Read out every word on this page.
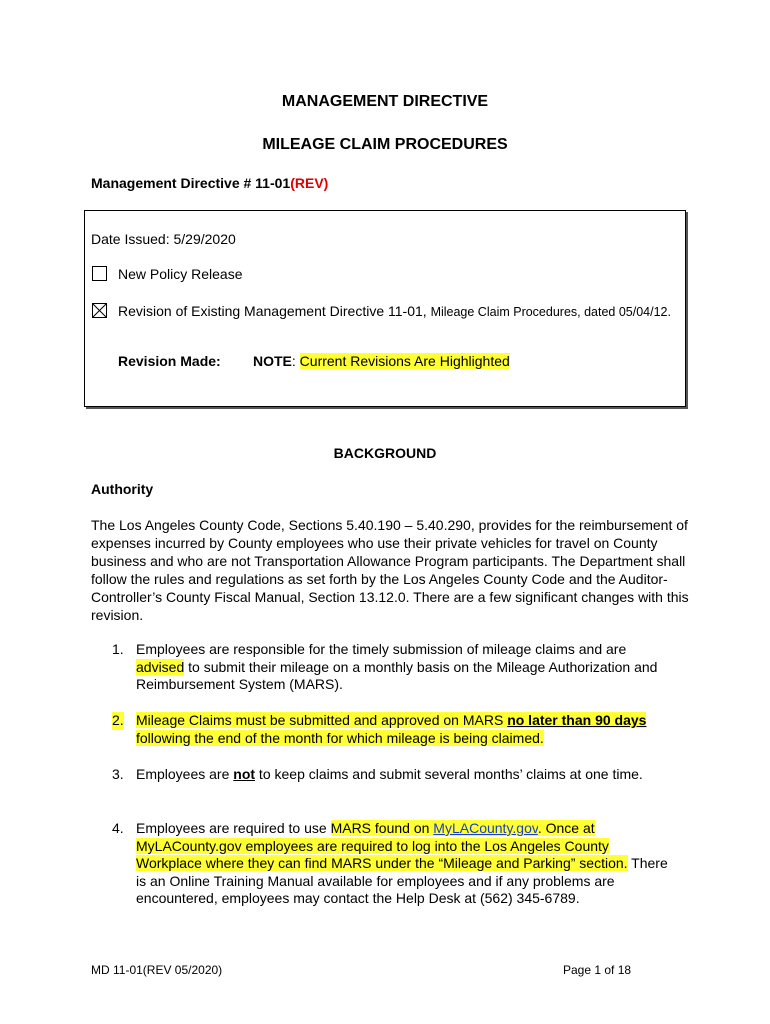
MANAGEMENT DIRECTIVE
MILEAGE CLAIM PROCEDURES
Management Directive # 11-01(REV)
Date Issued: 5/29/2020
New Policy Release
Revision of Existing Management Directive 11-01, Mileage Claim Procedures, dated 05/04/12.
Revision Made: NOTE: Current Revisions Are Highlighted
BACKGROUND
Authority
The Los Angeles County Code, Sections 5.40.190 – 5.40.290, provides for the reimbursement of expenses incurred by County employees who use their private vehicles for travel on County business and who are not Transportation Allowance Program participants. The Department shall follow the rules and regulations as set forth by the Los Angeles County Code and the Auditor-Controller’s County Fiscal Manual, Section 13.12.0. There are a few significant changes with this revision.
1. Employees are responsible for the timely submission of mileage claims and are advised to submit their mileage on a monthly basis on the Mileage Authorization and Reimbursement System (MARS).
2. Mileage Claims must be submitted and approved on MARS no later than 90 days following the end of the month for which mileage is being claimed.
3. Employees are not to keep claims and submit several months’ claims at one time.
4. Employees are required to use MARS found on MyLACounty.gov. Once at MyLACounty.gov employees are required to log into the Los Angeles County Workplace where they can find MARS under the “Mileage and Parking” section. There is an Online Training Manual available for employees and if any problems are encountered, employees may contact the Help Desk at (562) 345-6789.
MD 11-01(REV 05/2020)	Page 1 of 18
